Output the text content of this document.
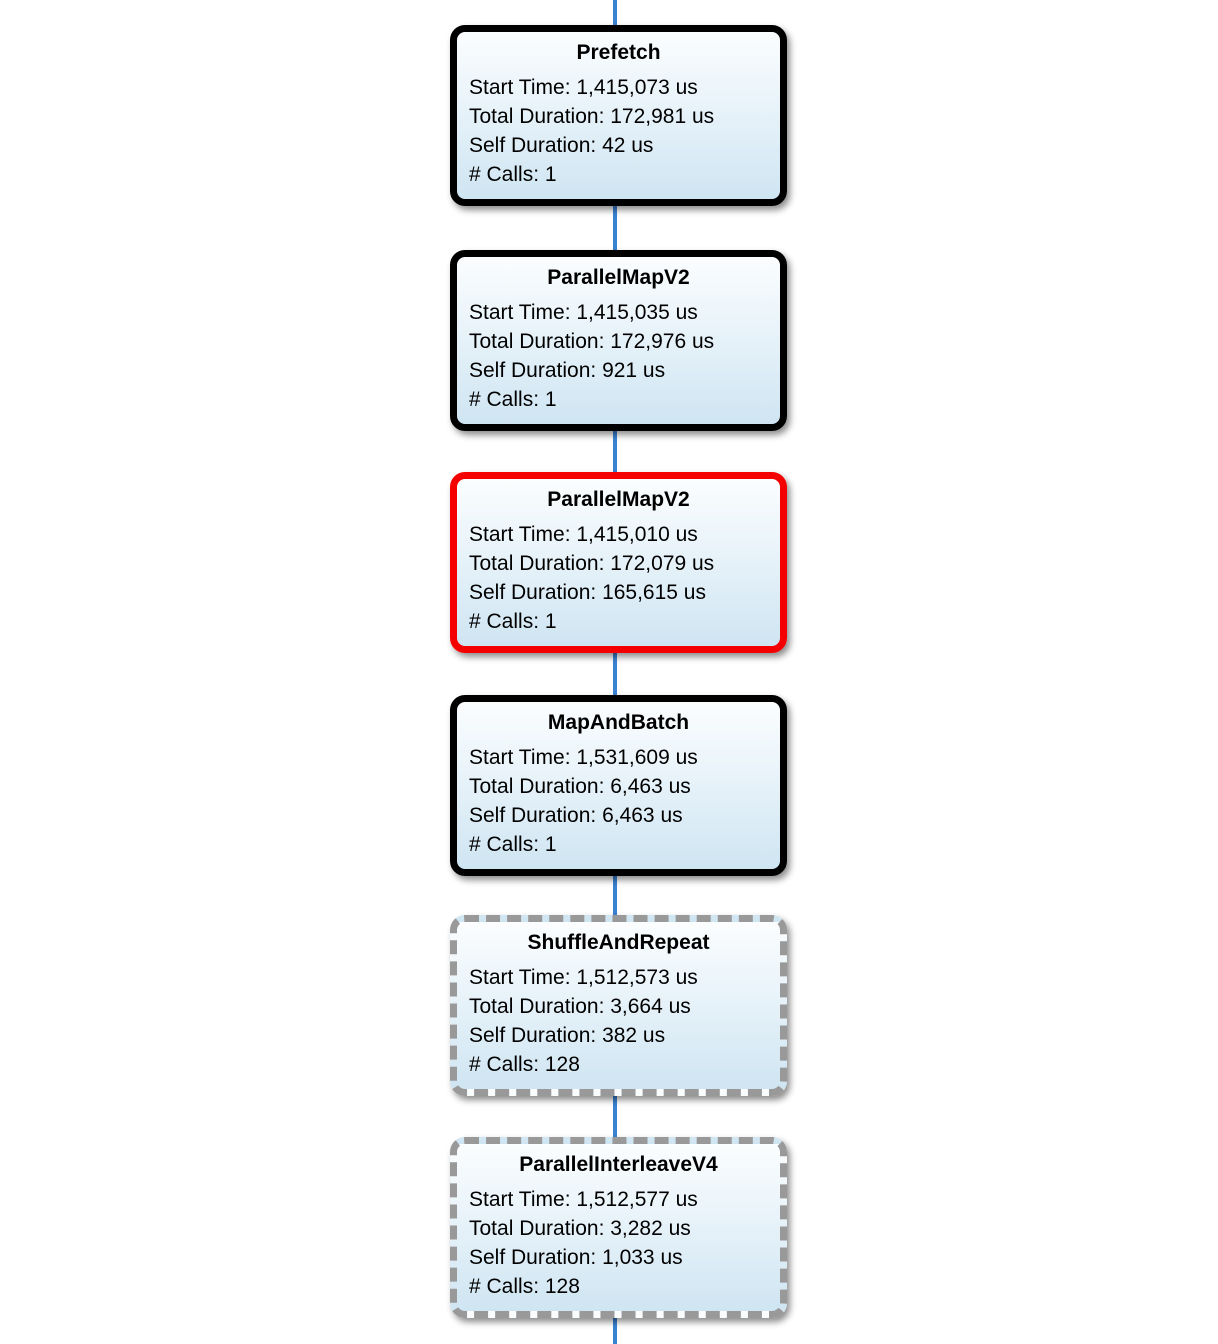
Prefetch
Start Time: 1,415,073 us
Total Duration: 172,981 us
Self Duration: 42 us
# Calls: 1
ParallelMapV2
Start Time: 1,415,035 us
Total Duration: 172,976 us
Self Duration: 921 us
# Calls: 1
ParallelMapV2
Start Time: 1,415,010 us
Total Duration: 172,079 us
Self Duration: 165,615 us
# Calls: 1
MapAndBatch
Start Time: 1,531,609 us
Total Duration: 6,463 us
Self Duration: 6,463 us
# Calls: 1
ShuffleAndRepeat
Start Time: 1,512,573 us
Total Duration: 3,664 us
Self Duration: 382 us
# Calls: 128
ParallelInterleaveV4
Start Time: 1,512,577 us
Total Duration: 3,282 us
Self Duration: 1,033 us
# Calls: 128
